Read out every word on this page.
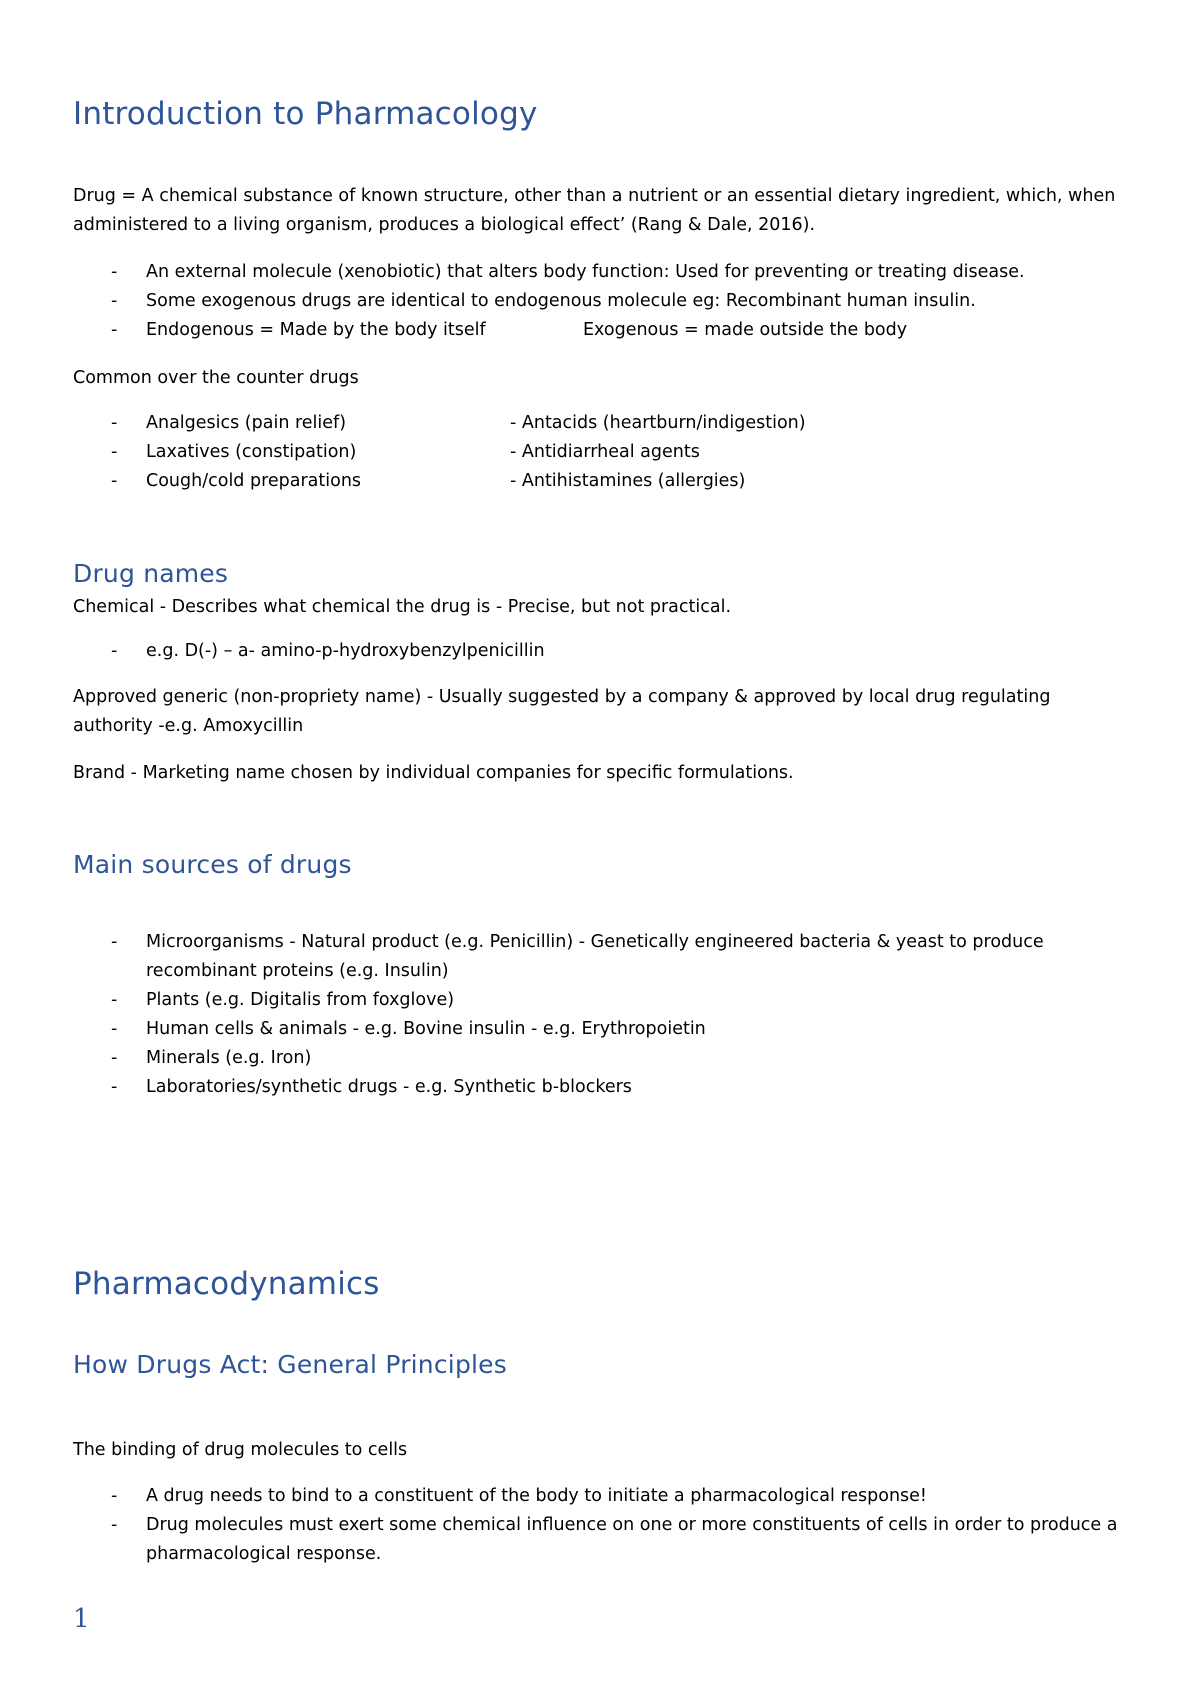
Introduction to Pharmacology

Drug = A chemical substance of known structure, other than a nutrient or an essential dietary ingredient, which, when administered to a living organism, produces a biological effect’ (Rang & Dale, 2016).

- An external molecule (xenobiotic) that alters body function: Used for preventing or treating disease.
- Some exogenous drugs are identical to endogenous molecule eg: Recombinant human insulin.
- Endogenous = Made by the body itself	Exogenous = made outside the body

Common over the counter drugs

- Analgesics (pain relief)	- Antacids (heartburn/indigestion)
- Laxatives (constipation)	- Antidiarrheal agents
- Cough/cold preparations	- Antihistamines (allergies)
Drug names

Chemical - Describes what chemical the drug is - Precise, but not practical.

- e.g. D(-) – a- amino-p-hydroxybenzylpenicillin

Approved generic (non-propriety name) - Usually suggested by a company & approved by local drug regulating authority -e.g. Amoxycillin

Brand - Marketing name chosen by individual companies for specific formulations.

Main sources of drugs
- Microorganisms - Natural product (e.g. Penicillin) - Genetically engineered bacteria & yeast to produce recombinant proteins (e.g. Insulin)
- Plants (e.g. Digitalis from foxglove)
- Human cells & animals - e.g. Bovine insulin - e.g. Erythropoietin
- Minerals (e.g. Iron)
- Laboratories/synthetic drugs - e.g. Synthetic b-blockers
Pharmacodynamics
How Drugs Act: General Principles

The binding of drug molecules to cells

- A drug needs to bind to a constituent of the body to initiate a pharmacological response!
- Drug molecules must exert some chemical influence on one or more constituents of cells in order to produce a pharmacological response.
1
